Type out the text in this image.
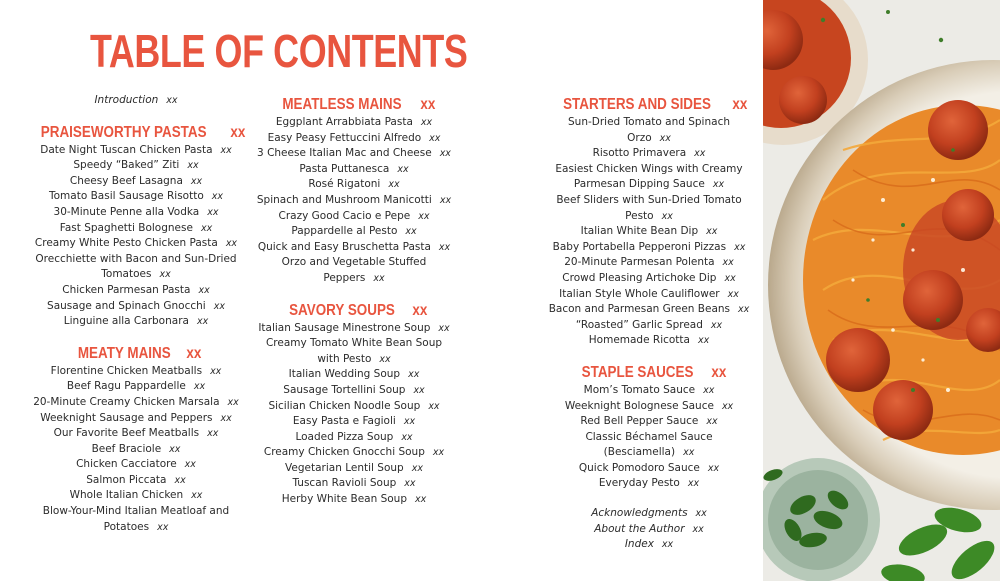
TABLE OF CONTENTS
Introduction xx
PRAISEWORTHY PASTAS xx
Date Night Tuscan Chicken Pasta xx
Speedy “Baked” Ziti xx
Cheesy Beef Lasagna xx
Tomato Basil Sausage Risotto xx
30-Minute Penne alla Vodka xx
Fast Spaghetti Bolognese xx
Creamy White Pesto Chicken Pasta xx
Orecchiette with Bacon and Sun-Dried Tomatoes xx
Chicken Parmesan Pasta xx
Sausage and Spinach Gnocchi xx
Linguine alla Carbonara xx
MEATY MAINS xx
Florentine Chicken Meatballs xx
Beef Ragu Pappardelle xx
20-Minute Creamy Chicken Marsala xx
Weeknight Sausage and Peppers xx
Our Favorite Beef Meatballs xx
Beef Braciole xx
Chicken Cacciatore xx
Salmon Piccata xx
Whole Italian Chicken xx
Blow-Your-Mind Italian Meatloaf and Potatoes xx
MEATLESS MAINS xx
Eggplant Arrabbiata Pasta xx
Easy Peasy Fettuccini Alfredo xx
3 Cheese Italian Mac and Cheese xx
Pasta Puttanesca xx
Rosé Rigatoni xx
Spinach and Mushroom Manicotti xx
Crazy Good Cacio e Pepe xx
Pappardelle al Pesto xx
Quick and Easy Bruschetta Pasta xx
Orzo and Vegetable Stuffed Peppers xx
SAVORY SOUPS xx
Italian Sausage Minestrone Soup xx
Creamy Tomato White Bean Soup with Pesto xx
Italian Wedding Soup xx
Sausage Tortellini Soup xx
Sicilian Chicken Noodle Soup xx
Easy Pasta e Fagioli xx
Loaded Pizza Soup xx
Creamy Chicken Gnocchi Soup xx
Vegetarian Lentil Soup xx
Tuscan Ravioli Soup xx
Herby White Bean Soup xx
STARTERS AND SIDES xx
Sun-Dried Tomato and Spinach Orzo xx
Risotto Primavera xx
Easiest Chicken Wings with Creamy Parmesan Dipping Sauce xx
Beef Sliders with Sun-Dried Tomato Pesto xx
Italian White Bean Dip xx
Baby Portabella Pepperoni Pizzas xx
20-Minute Parmesan Polenta xx
Crowd Pleasing Artichoke Dip xx
Italian Style Whole Cauliflower xx
Bacon and Parmesan Green Beans xx
“Roasted” Garlic Spread xx
Homemade Ricotta xx
STAPLE SAUCES xx
Mom’s Tomato Sauce xx
Weeknight Bolognese Sauce xx
Red Bell Pepper Sauce xx
Classic Béchamel Sauce (Besciamella) xx
Quick Pomodoro Sauce xx
Everyday Pesto xx
Acknowledgments xx
About the Author xx
Index xx
